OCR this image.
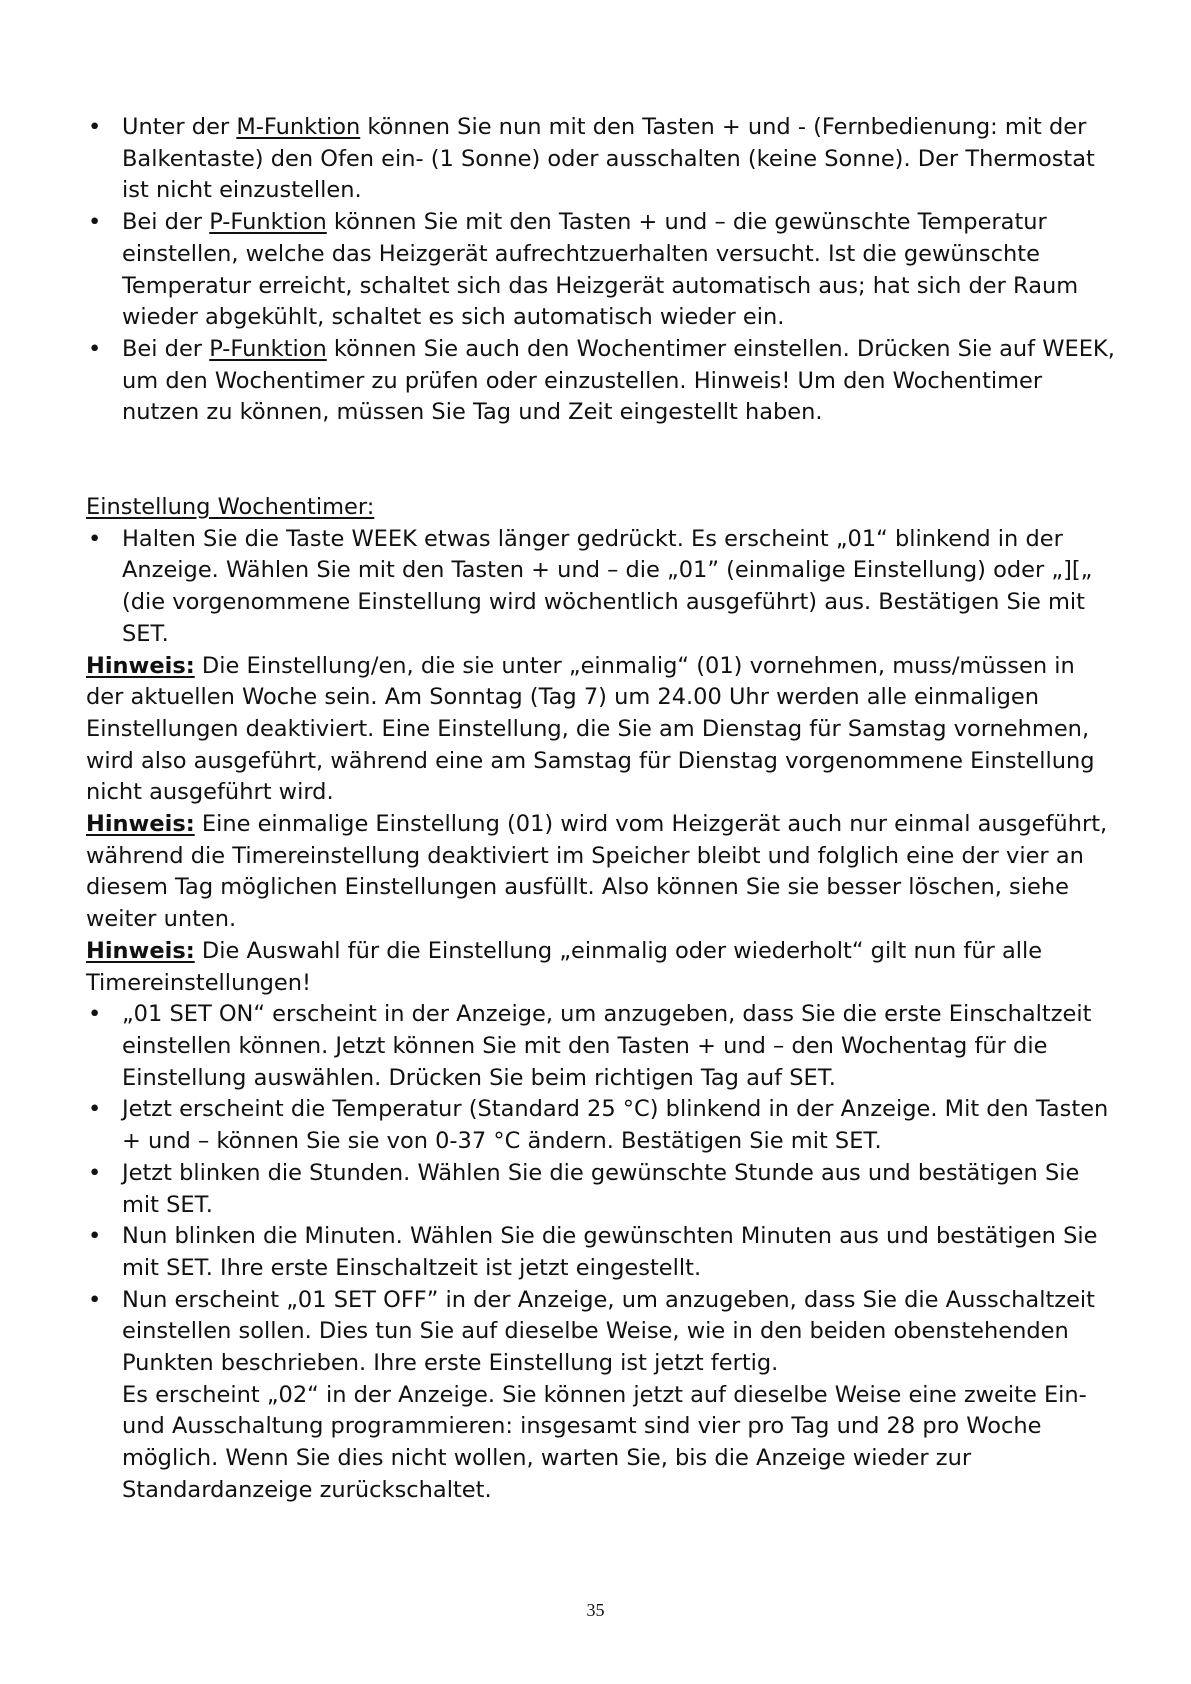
• Unter der M-Funktion können Sie nun mit den Tasten + und - (Fernbedienung: mit der Balkentaste) den Ofen ein- (1 Sonne) oder ausschalten (keine Sonne). Der Thermostat ist nicht einzustellen.
• Bei der P-Funktion können Sie mit den Tasten + und – die gewünschte Temperatur einstellen, welche das Heizgerät aufrechtzuerhalten versucht. Ist die gewünschte Temperatur erreicht, schaltet sich das Heizgerät automatisch aus; hat sich der Raum wieder abgekühlt, schaltet es sich automatisch wieder ein.
• Bei der P-Funktion können Sie auch den Wochentimer einstellen. Drücken Sie auf WEEK, um den Wochentimer zu prüfen oder einzustellen. Hinweis! Um den Wochentimer nutzen zu können, müssen Sie Tag und Zeit eingestellt haben.

Einstellung Wochentimer:

• Halten Sie die Taste WEEK etwas länger gedrückt. Es erscheint „01“ blinkend in der Anzeige. Wählen Sie mit den Tasten + und – die „01” (einmalige Einstellung) oder „][„ (die vorgenommene Einstellung wird wöchentlich ausgeführt) aus. Bestätigen Sie mit SET.

Hinweis: Die Einstellung/en, die sie unter „einmalig“ (01) vornehmen, muss/müssen in der aktuellen Woche sein. Am Sonntag (Tag 7) um 24.00 Uhr werden alle einmaligen Einstellungen deaktiviert. Eine Einstellung, die Sie am Dienstag für Samstag vornehmen, wird also ausgeführt, während eine am Samstag für Dienstag vorgenommene Einstellung nicht ausgeführt wird.

Hinweis: Eine einmalige Einstellung (01) wird vom Heizgerät auch nur einmal ausgeführt, während die Timereinstellung deaktiviert im Speicher bleibt und folglich eine der vier an diesem Tag möglichen Einstellungen ausfüllt. Also können Sie sie besser löschen, siehe weiter unten.

Hinweis: Die Auswahl für die Einstellung „einmalig oder wiederholt“ gilt nun für alle Timereinstellungen!

• „01 SET ON“ erscheint in der Anzeige, um anzugeben, dass Sie die erste Einschaltzeit einstellen können. Jetzt können Sie mit den Tasten + und – den Wochentag für die Einstellung auswählen. Drücken Sie beim richtigen Tag auf SET.
• Jetzt erscheint die Temperatur (Standard 25 °C) blinkend in der Anzeige. Mit den Tasten + und – können Sie sie von 0-37 °C ändern. Bestätigen Sie mit SET.
• Jetzt blinken die Stunden. Wählen Sie die gewünschte Stunde aus und bestätigen Sie mit SET.
• Nun blinken die Minuten. Wählen Sie die gewünschten Minuten aus und bestätigen Sie mit SET. Ihre erste Einschaltzeit ist jetzt eingestellt.
• Nun erscheint „01 SET OFF” in der Anzeige, um anzugeben, dass Sie die Ausschaltzeit einstellen sollen. Dies tun Sie auf dieselbe Weise, wie in den beiden obenstehenden Punkten beschrieben. Ihre erste Einstellung ist jetzt fertig.
Es erscheint „02“ in der Anzeige. Sie können jetzt auf dieselbe Weise eine zweite Ein- und Ausschaltung programmieren: insgesamt sind vier pro Tag und 28 pro Woche möglich. Wenn Sie dies nicht wollen, warten Sie, bis die Anzeige wieder zur Standardanzeige zurückschaltet.
35
